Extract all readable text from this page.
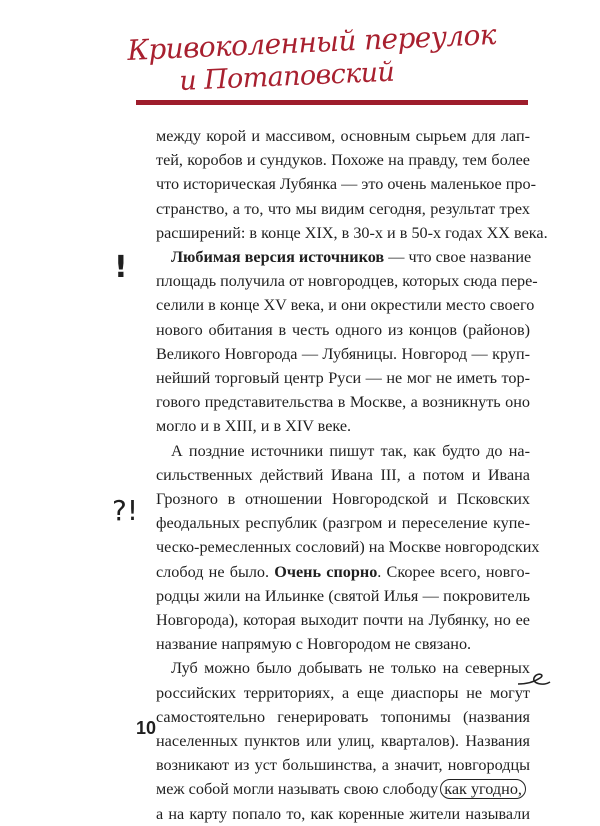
Кривоколенный переулок
и Потаповский
!
?!
между корой и массивом, основным сырьем для лап-
тей, коробов и сундуков. Похоже на правду, тем более
что историческая Лубянка — это очень маленькое про-
странство, а то, что мы видим сегодня, результат трех
расширений: в конце XIX, в 30-х и в 50-х годах XX века.
Любимая версия источников — что свое название
площадь получила от новгородцев, которых сюда пере-
селили в конце XV века, и они окрестили место своего
нового обитания в честь одного из концов (районов)
Великого Новгорода — Лубяницы. Новгород — круп-
нейший торговый центр Руси — не мог не иметь тор-
гового представительства в Москве, а возникнуть оно
могло и в XIII, и в XIV веке.
А поздние источники пишут так, как будто до на-
сильственных действий Ивана III, а потом и Ивана
Грозного в отношении Новгородской и Псковских
феодальных республик (разгром и переселение купе-
ческо-ремесленных сословий) на Москве новгородских
слобод не было. Очень спорно. Скорее всего, новго-
родцы жили на Ильинке (святой Илья — покровитель
Новгорода), которая выходит почти на Лубянку, но ее
название напрямую с Новгородом не связано.
Луб можно было добывать не только на северных
российских территориях, а еще диаспоры не могут
самостоятельно генерировать топонимы (названия
населенных пунктов или улиц, кварталов). Названия
возникают из уст большинства, а значит, новгородцы
меж собой могли называть свою слободу как угодно,
а на карту попало то, как коренные жители называли
10
